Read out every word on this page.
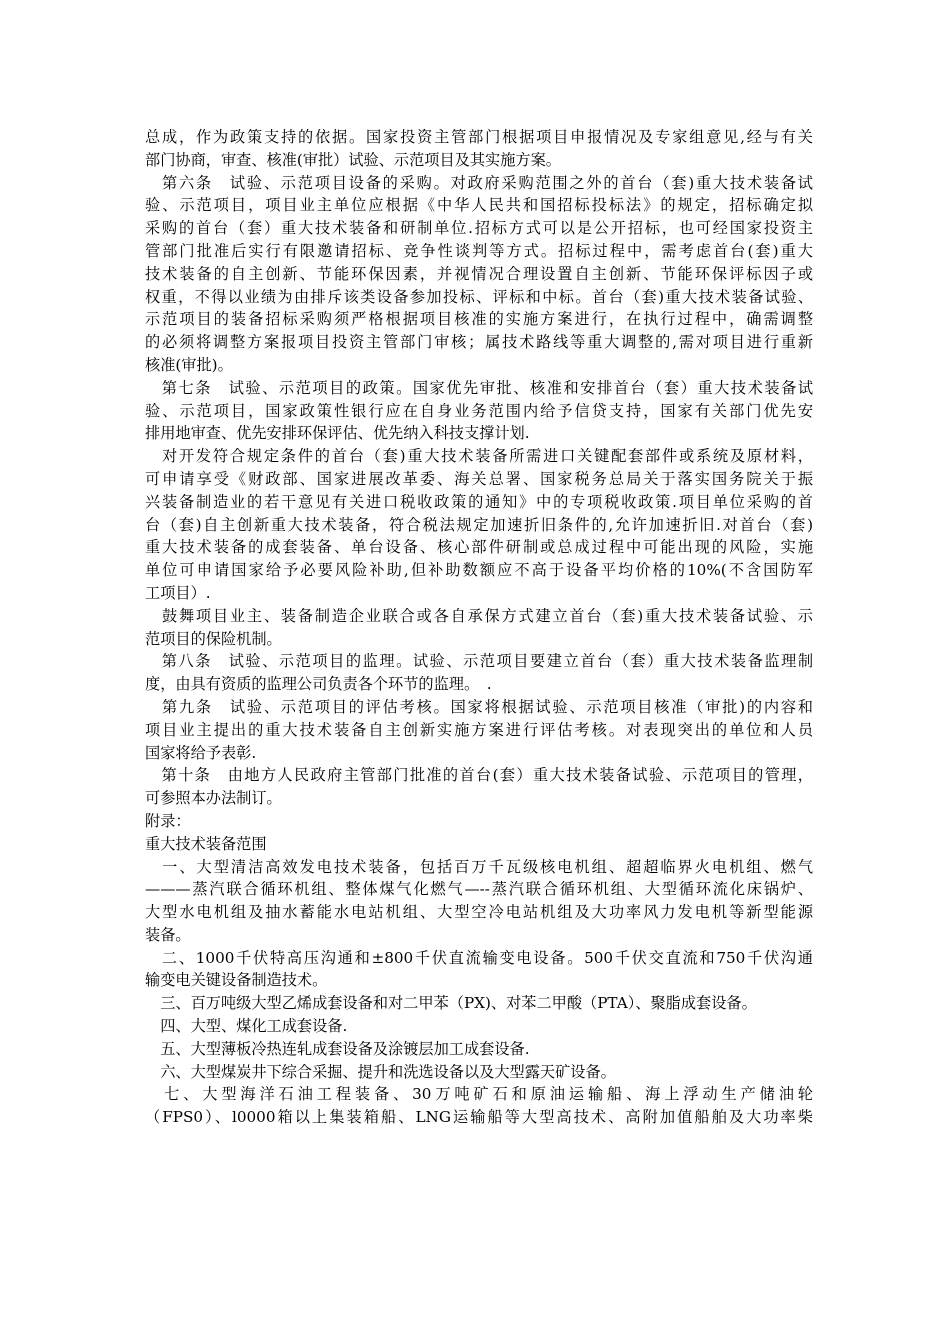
总成，作为政策支持的依据。国家投资主管部门根据项目申报情况及专家组意见,经与有关
部门协商，审查、核准(审批）试验、示范项目及其实施方案。
　第六条　试验、示范项目设备的采购。对政府采购范围之外的首台（套)重大技术装备试
验、示范项目，项目业主单位应根据《中华人民共和国招标投标法》的规定，招标确定拟
采购的首台（套）重大技术装备和研制单位.招标方式可以是公开招标，也可经国家投资主
管部门批准后实行有限邀请招标、竞争性谈判等方式。招标过程中，需考虑首台(套)重大
技术装备的自主创新、节能环保因素，并视情况合理设置自主创新、节能环保评标因子或
权重，不得以业绩为由排斥该类设备参加投标、评标和中标。首台（套)重大技术装备试验、
示范项目的装备招标采购须严格根据项目核准的实施方案进行，在执行过程中，确需调整
的必须将调整方案报项目投资主管部门审核；属技术路线等重大调整的,需对项目进行重新
核准(审批)。
　第七条　试验、示范项目的政策。国家优先审批、核准和安排首台（套）重大技术装备试
验、示范项目，国家政策性银行应在自身业务范围内给予信贷支持，国家有关部门优先安
排用地审查、优先安排环保评估、优先纳入科技支撑计划.
　对开发符合规定条件的首台（套)重大技术装备所需进口关键配套部件或系统及原材料，
可申请享受《财政部、国家进展改革委、海关总署、国家税务总局关于落实国务院关于振
兴装备制造业的若干意见有关进口税收政策的通知》中的专项税收政策.项目单位采购的首
台（套)自主创新重大技术装备，符合税法规定加速折旧条件的,允许加速折旧.对首台（套)
重大技术装备的成套装备、单台设备、核心部件研制或总成过程中可能出现的风险，实施
单位可申请国家给予必要风险补助,但补助数额应不高于设备平均价格的10%(不含国防军
工项目）.
　鼓舞项目业主、装备制造企业联合或各自承保方式建立首台（套)重大技术装备试验、示
范项目的保险机制。
　第八条　试验、示范项目的监理。试验、示范项目要建立首台（套）重大技术装备监理制
度，由具有资质的监理公司负责各个环节的监理。　.
　第九条　试验、示范项目的评估考核。国家将根据试验、示范项目核准（审批)的内容和
项目业主提出的重大技术装备自主创新实施方案进行评估考核。对表现突出的单位和人员
国家将给予表彰.
　第十条　由地方人民政府主管部门批准的首台(套）重大技术装备试验、示范项目的管理，
可参照本办法制订。
附录：
重大技术装备范围
　一、大型清洁高效发电技术装备，包括百万千瓦级核电机组、超超临界火电机组、燃气
———蒸汽联合循环机组、整体煤气化燃气—--蒸汽联合循环机组、大型循环流化床锅炉、
大型水电机组及抽水蓄能水电站机组、大型空冷电站机组及大功率风力发电机等新型能源
装备。
　二、1000千伏特高压沟通和±800千伏直流输变电设备。500千伏交直流和750千伏沟通
输变电关键设备制造技术。
　三、百万吨级大型乙烯成套设备和对二甲苯（PX)、对苯二甲酸（PTA）、聚脂成套设备。
　四、大型、煤化工成套设备.
　五、大型薄板冷热连轧成套设备及涂镀层加工成套设备.
　六、大型煤炭井下综合采掘、提升和洗选设备以及大型露天矿设备。
　七、大型海洋石油工程装备、30万吨矿石和原油运输船、海上浮动生产储油轮
（FPS0）、l0000箱以上集装箱船、LNG运输船等大型高技术、高附加值船舶及大功率柴
